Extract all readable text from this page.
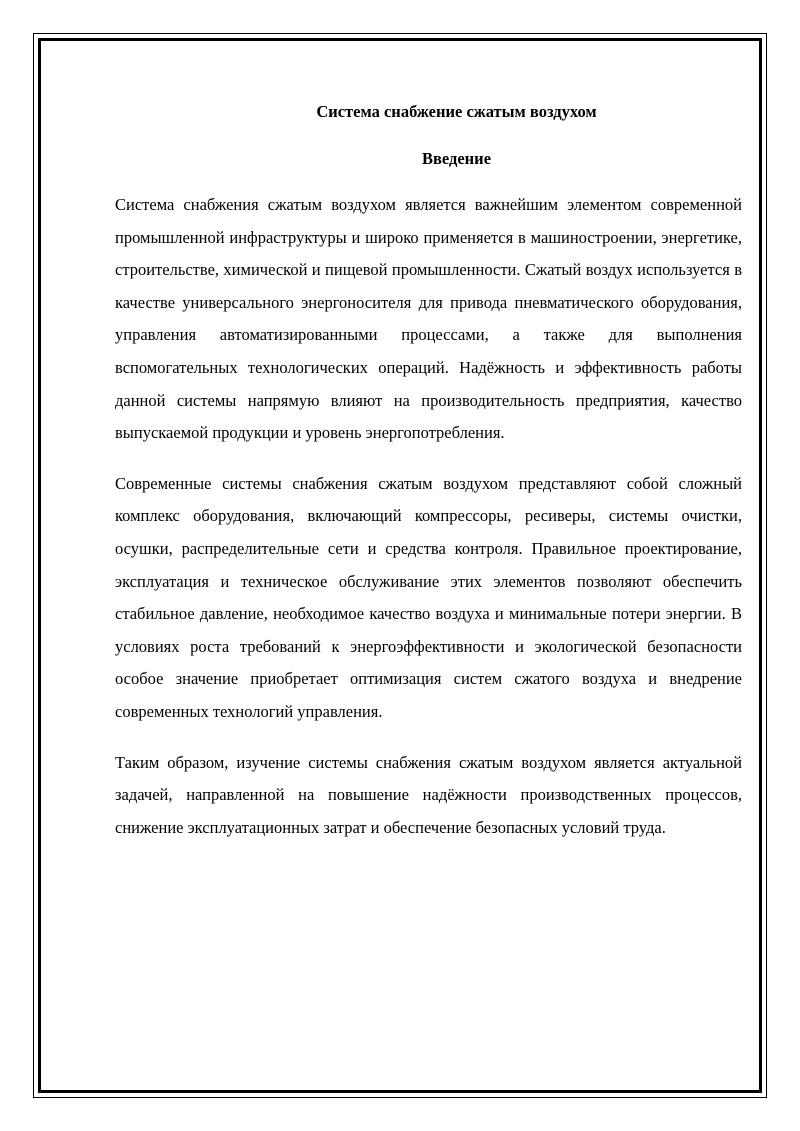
Система снабжение сжатым воздухом
Введение

Система снабжения сжатым воздухом является важнейшим элементом современной промышленной инфраструктуры и широко применяется в машиностроении, энергетике, строительстве, химической и пищевой промышленности. Сжатый воздух используется в качестве универсального энергоносителя для привода пневматического оборудования, управления автоматизированными процессами, а также для выполнения вспомогательных технологических операций. Надёжность и эффективность работы данной системы напрямую влияют на производительность предприятия, качество выпускаемой продукции и уровень энергопотребления.

Современные системы снабжения сжатым воздухом представляют собой сложный комплекс оборудования, включающий компрессоры, ресиверы, системы очистки, осушки, распределительные сети и средства контроля. Правильное проектирование, эксплуатация и техническое обслуживание этих элементов позволяют обеспечить стабильное давление, необходимое качество воздуха и минимальные потери энергии. В условиях роста требований к энергоэффективности и экологической безопасности особое значение приобретает оптимизация систем сжатого воздуха и внедрение современных технологий управления.

Таким образом, изучение системы снабжения сжатым воздухом является актуальной задачей, направленной на повышение надёжности производственных процессов, снижение эксплуатационных затрат и обеспечение безопасных условий труда.
